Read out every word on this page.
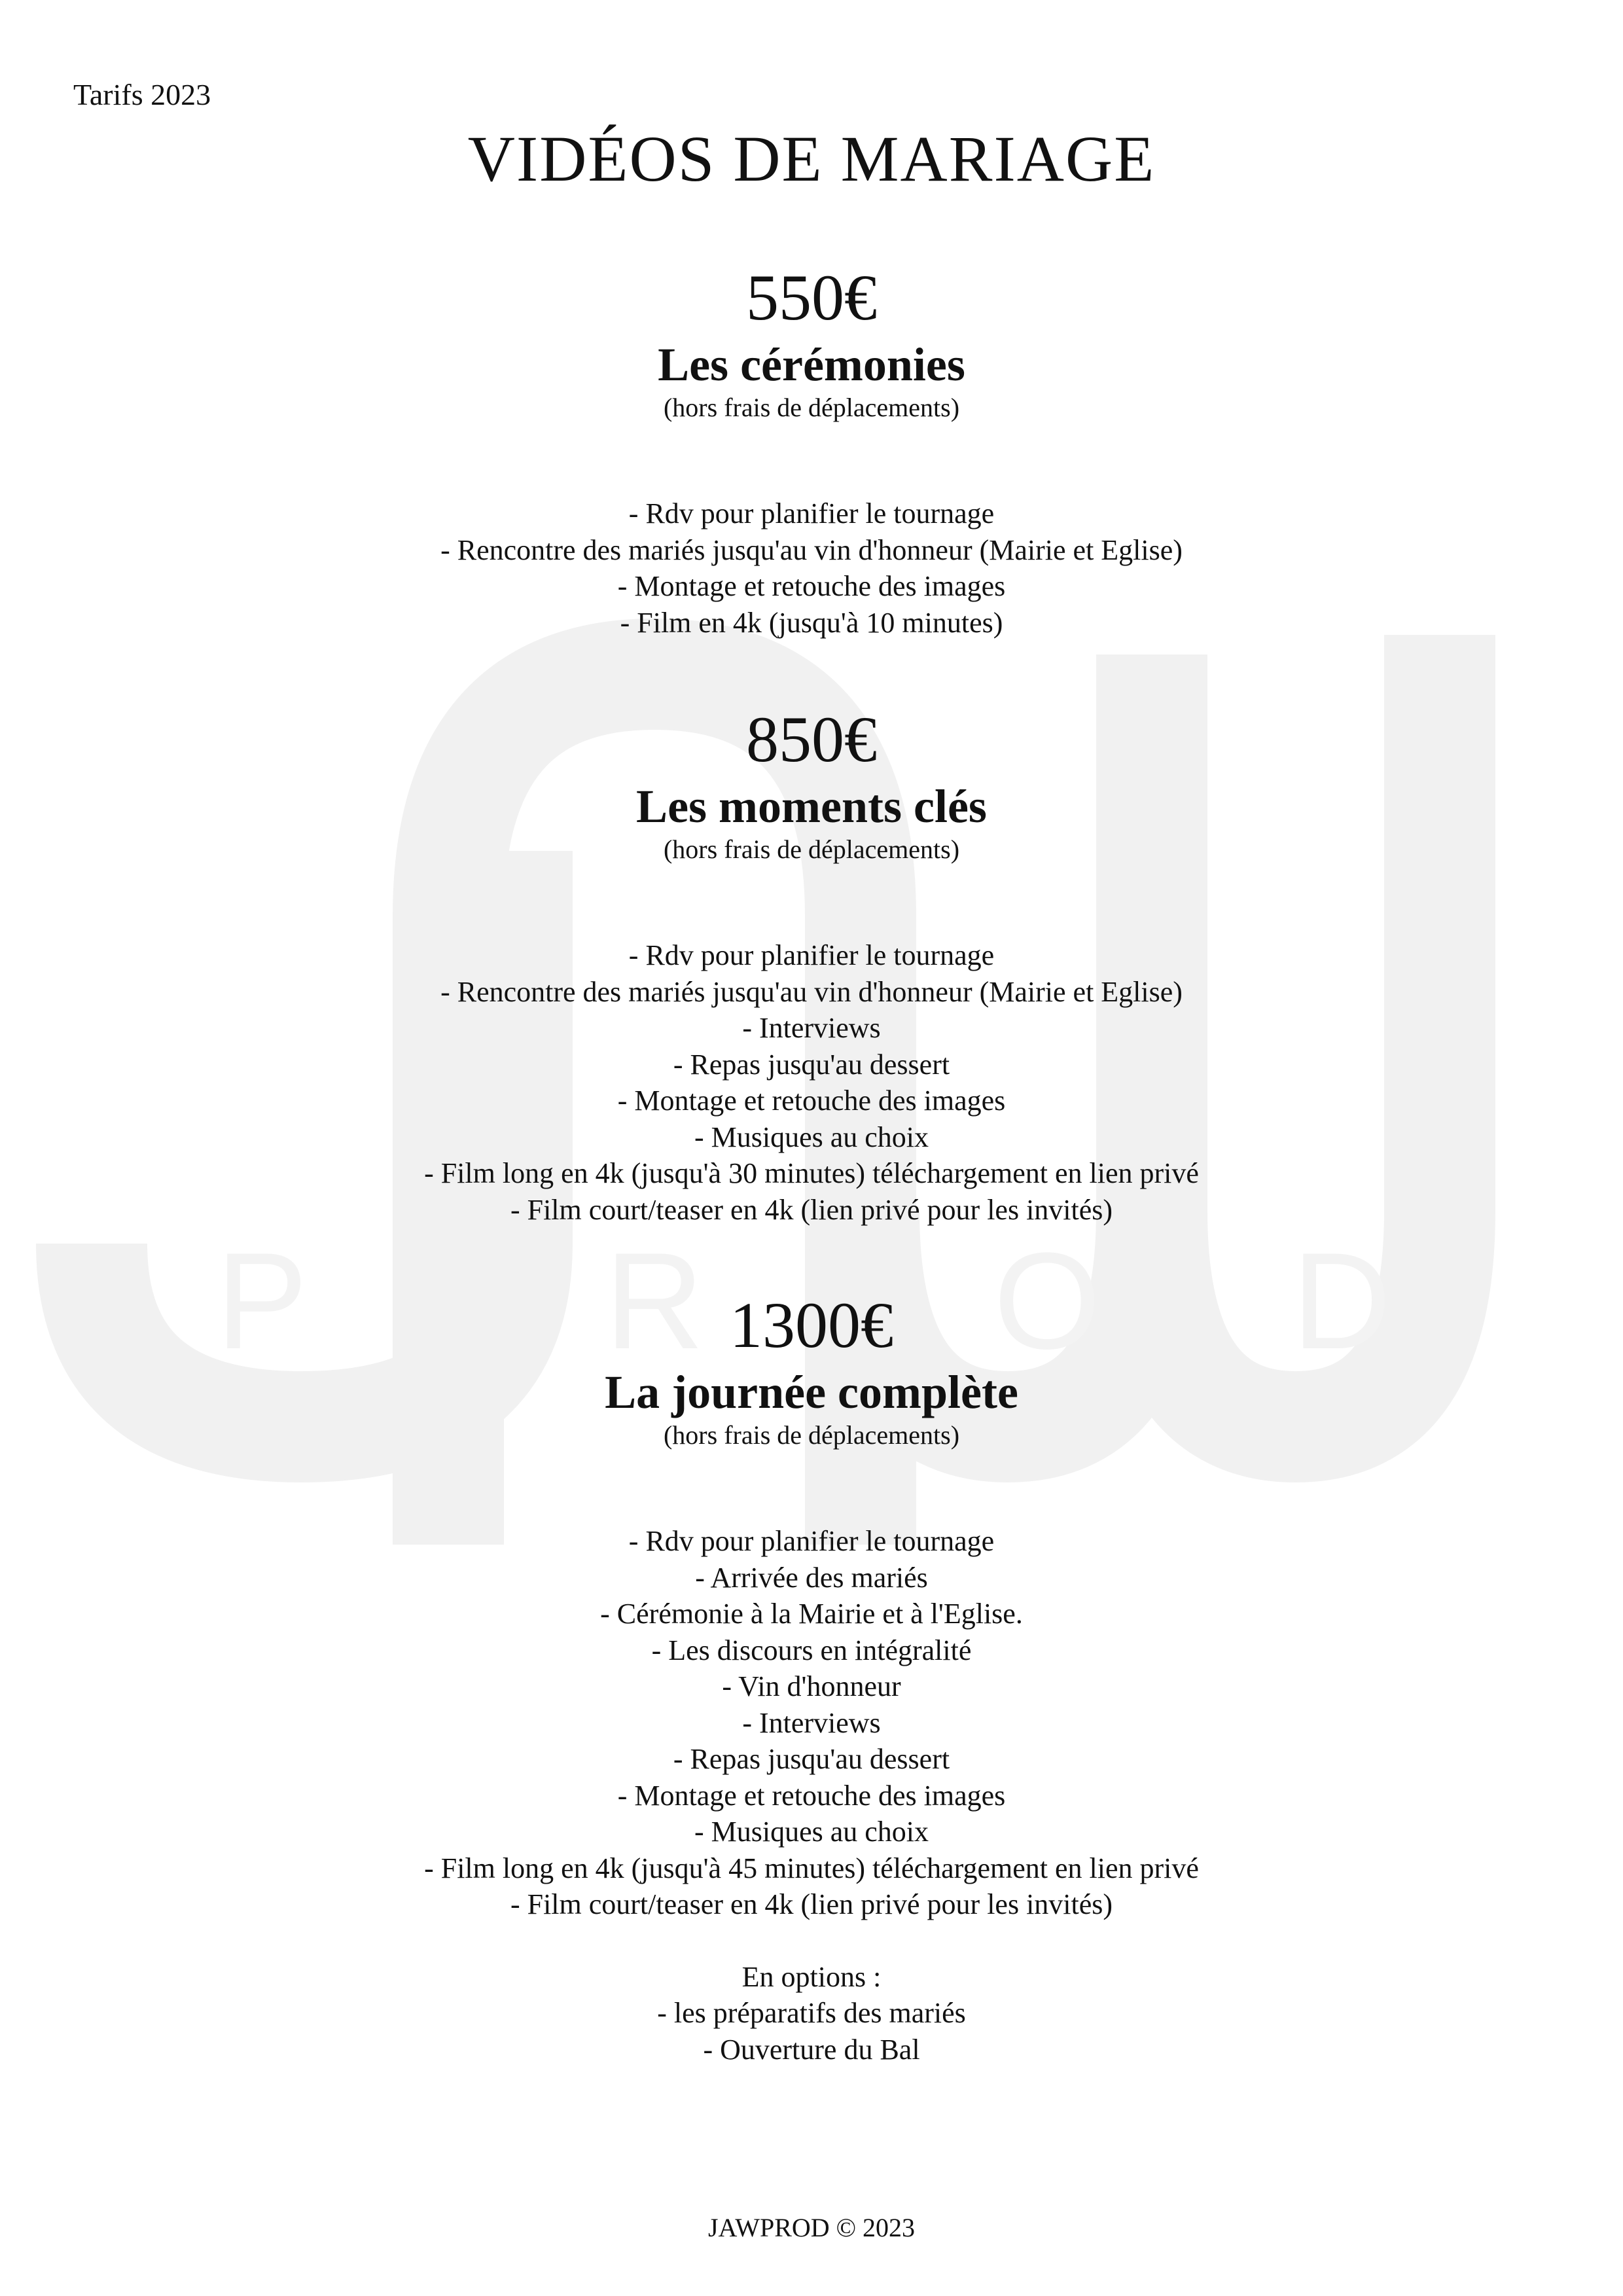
P R O D
Tarifs 2023
VIDÉOS DE MARIAGE
550€
Les cérémonies
(hors frais de déplacements)
- Rdv pour planifier le tournage
- Rencontre des mariés jusqu'au vin d'honneur (Mairie et Eglise)
- Montage et retouche des images
- Film en 4k (jusqu'à 10 minutes)
850€
Les moments clés
(hors frais de déplacements)
- Rdv pour planifier le tournage
- Rencontre des mariés jusqu'au vin d'honneur (Mairie et Eglise)
- Interviews
- Repas jusqu'au dessert
- Montage et retouche des images
- Musiques au choix
- Film long en 4k (jusqu'à 30 minutes) téléchargement en lien privé
- Film court/teaser en 4k (lien privé pour les invités)
1300€
La journée complète
(hors frais de déplacements)
- Rdv pour planifier le tournage
- Arrivée des mariés
- Cérémonie à la Mairie et à l'Eglise.
- Les discours en intégralité
- Vin d'honneur
- Interviews
- Repas jusqu'au dessert
- Montage et retouche des images
- Musiques au choix
- Film long en 4k (jusqu'à 45 minutes) téléchargement en lien privé
- Film court/teaser en 4k (lien privé pour les invités)
En options :
- les préparatifs des mariés
- Ouverture du Bal
JAWPROD © 2023
